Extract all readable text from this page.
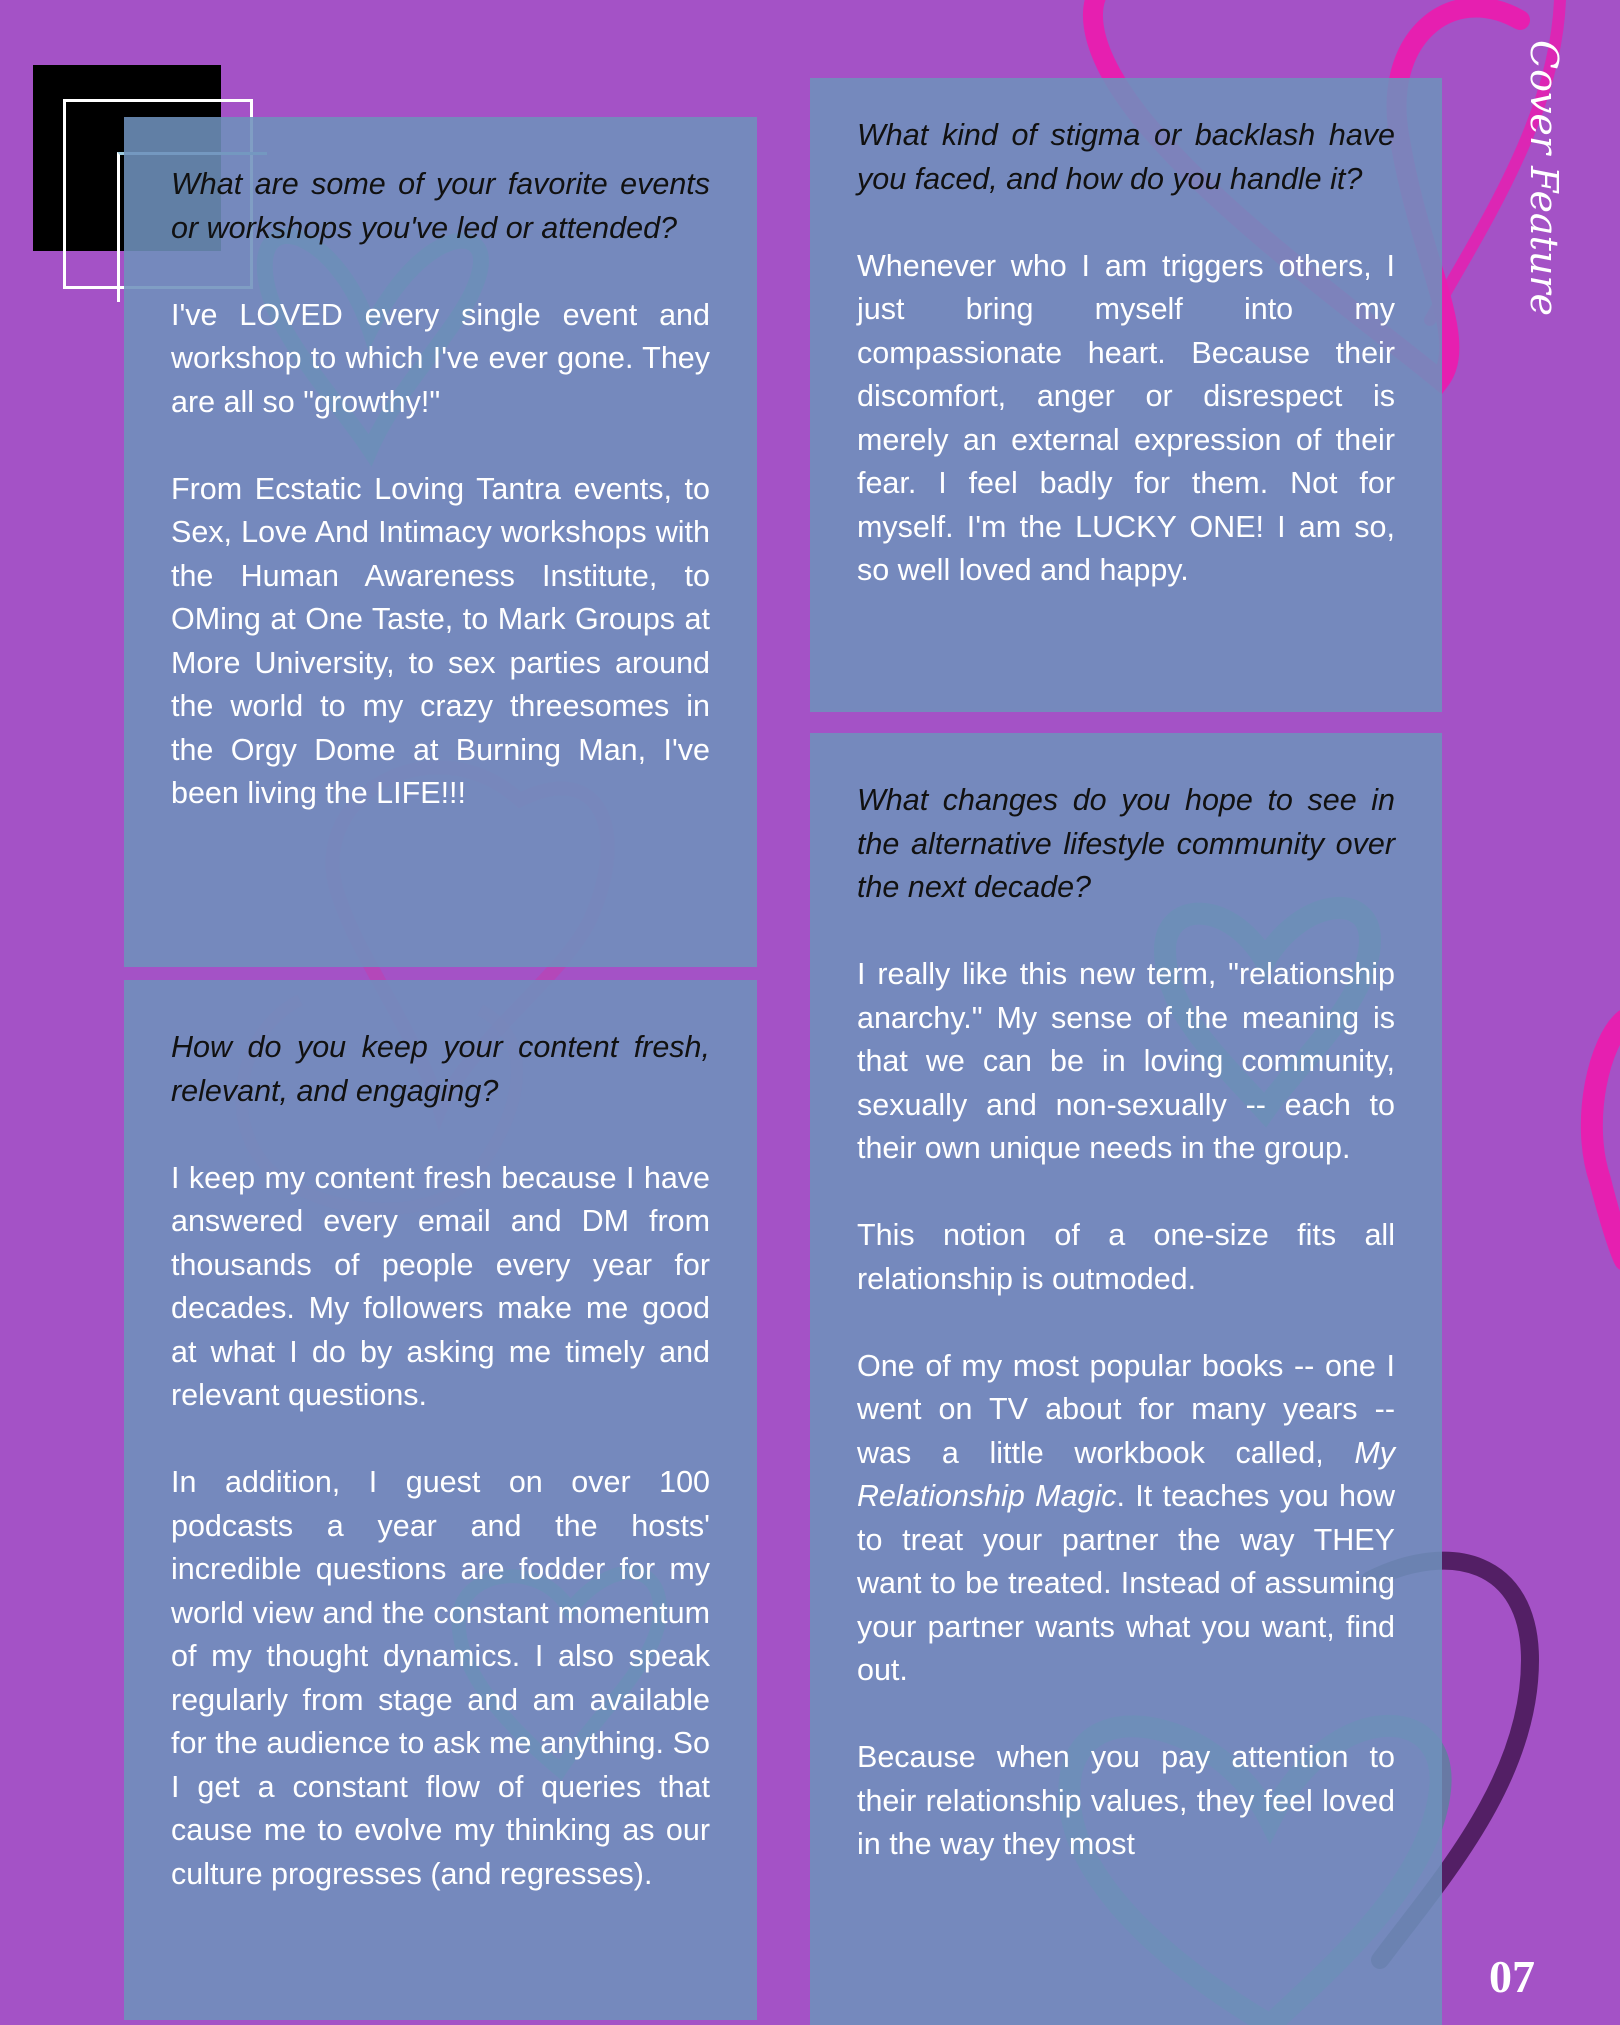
What are some of your favorite events or workshops you've led or attended?

I've LOVED every single event and workshop to which I've ever gone. They are all so "growthy!"

From Ecstatic Loving Tantra events, to Sex, Love And Intimacy workshops with the Human Awareness Institute, to OMing at One Taste, to Mark Groups at More University, to sex parties around the world to my crazy threesomes in the Orgy Dome at Burning Man, I've been living the LIFE!!!

How do you keep your content fresh, relevant, and engaging?

I keep my content fresh because I have answered every email and DM from thousands of people every year for decades. My followers make me good at what I do by asking me timely and relevant questions.

In addition, I guest on over 100 podcasts a year and the hosts' incredible questions are fodder for my world view and the constant momentum of my thought dynamics. I also speak regularly from stage and am available for the audience to ask me anything. So I get a constant flow of queries that cause me to evolve my thinking as our culture progresses (and regresses).

What kind of stigma or backlash have you faced, and how do you handle it?

Whenever who I am triggers others, I just bring myself into my compassionate heart. Because their discomfort, anger or disrespect is merely an external expression of their fear. I feel badly for them. Not for myself. I'm the LUCKY ONE! I am so, so well loved and happy.

What changes do you hope to see in the alternative lifestyle community over the next decade?

I really like this new term, "relationship anarchy." My sense of the meaning is that we can be in loving community, sexually and non-sexually -- each to their own unique needs in the group.

This notion of a one-size fits all relationship is outmoded.

One of my most popular books -- one I went on TV about for many years -- was a little workbook called, My Relationship Magic. It teaches you how to treat your partner the way THEY want to be treated. Instead of assuming your partner wants what you want, find out.

Because when you pay attention to their relationship values, they feel loved in the way they most

Cover Feature
07
